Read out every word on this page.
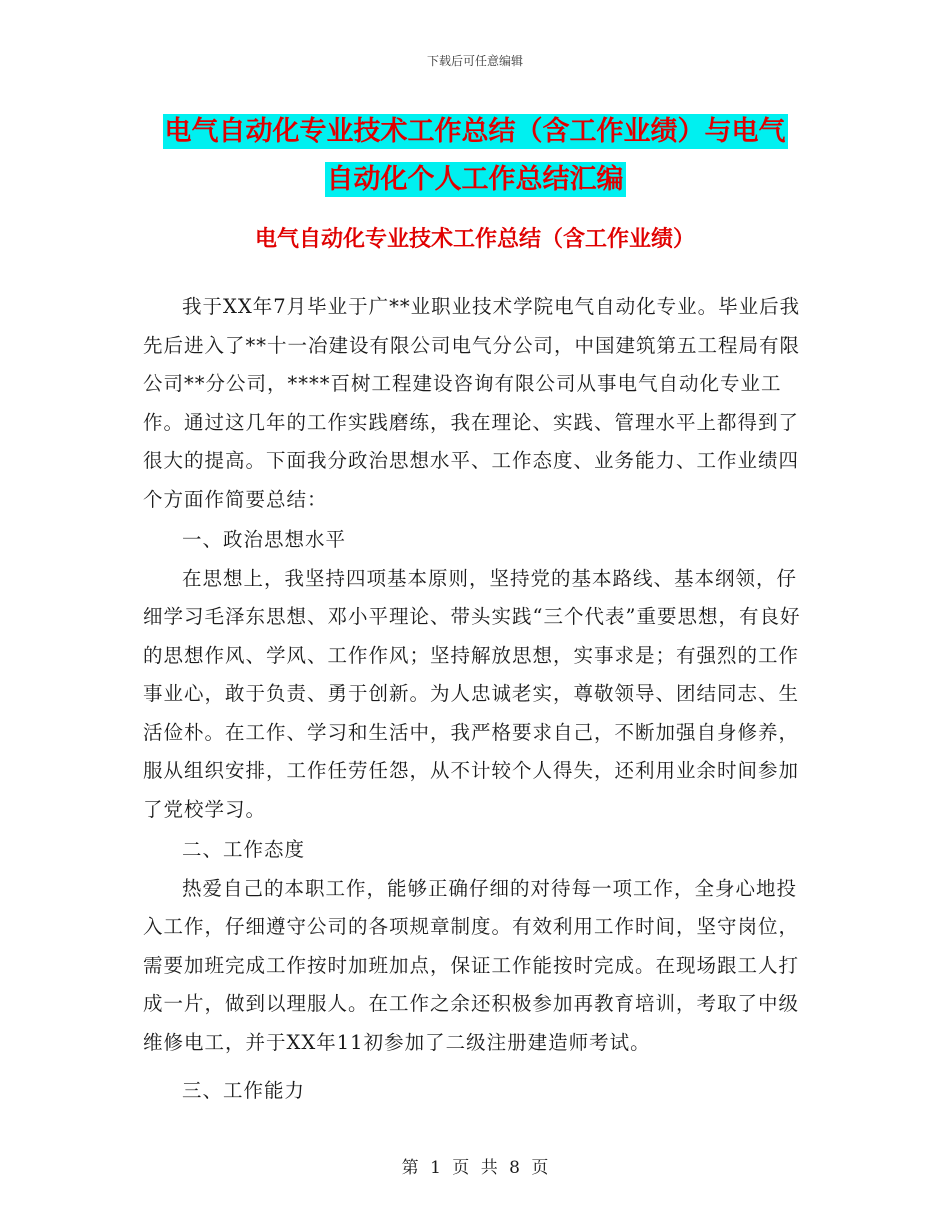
下载后可任意编辑
电气自动化专业技术工作总结（含工作业绩）与电气
自动化个人工作总结汇编
电气自动化专业技术工作总结（含工作业绩）

我于XX年7月毕业于广**业职业技术学院电气自动化专业。毕业后我先后进入了**十一冶建设有限公司电气分公司，中国建筑第五工程局有限公司**分公司，****百树工程建设咨询有限公司从事电气自动化专业工作。通过这几年的工作实践磨练，我在理论、实践、管理水平上都得到了很大的提高。下面我分政治思想水平、工作态度、业务能力、工作业绩四个方面作简要总结：

一、政治思想水平

在思想上，我坚持四项基本原则，坚持党的基本路线、基本纲领，仔细学习毛泽东思想、邓小平理论、带头实践“三个代表”重要思想，有良好的思想作风、学风、工作作风；坚持解放思想，实事求是；有强烈的工作事业心，敢于负责、勇于创新。为人忠诚老实，尊敬领导、团结同志、生活俭朴。在工作、学习和生活中，我严格要求自己，不断加强自身修养，服从组织安排，工作任劳任怨，从不计较个人得失，还利用业余时间参加了党校学习。

二、工作态度

热爱自己的本职工作，能够正确仔细的对待每一项工作，全身心地投入工作，仔细遵守公司的各项规章制度。有效利用工作时间，坚守岗位，需要加班完成工作按时加班加点，保证工作能按时完成。在现场跟工人打成一片，做到以理服人。在工作之余还积极参加再教育培训，考取了中级维修电工，并于XX年11初参加了二级注册建造师考试。

三、工作能力

第 1 页 共 8 页
